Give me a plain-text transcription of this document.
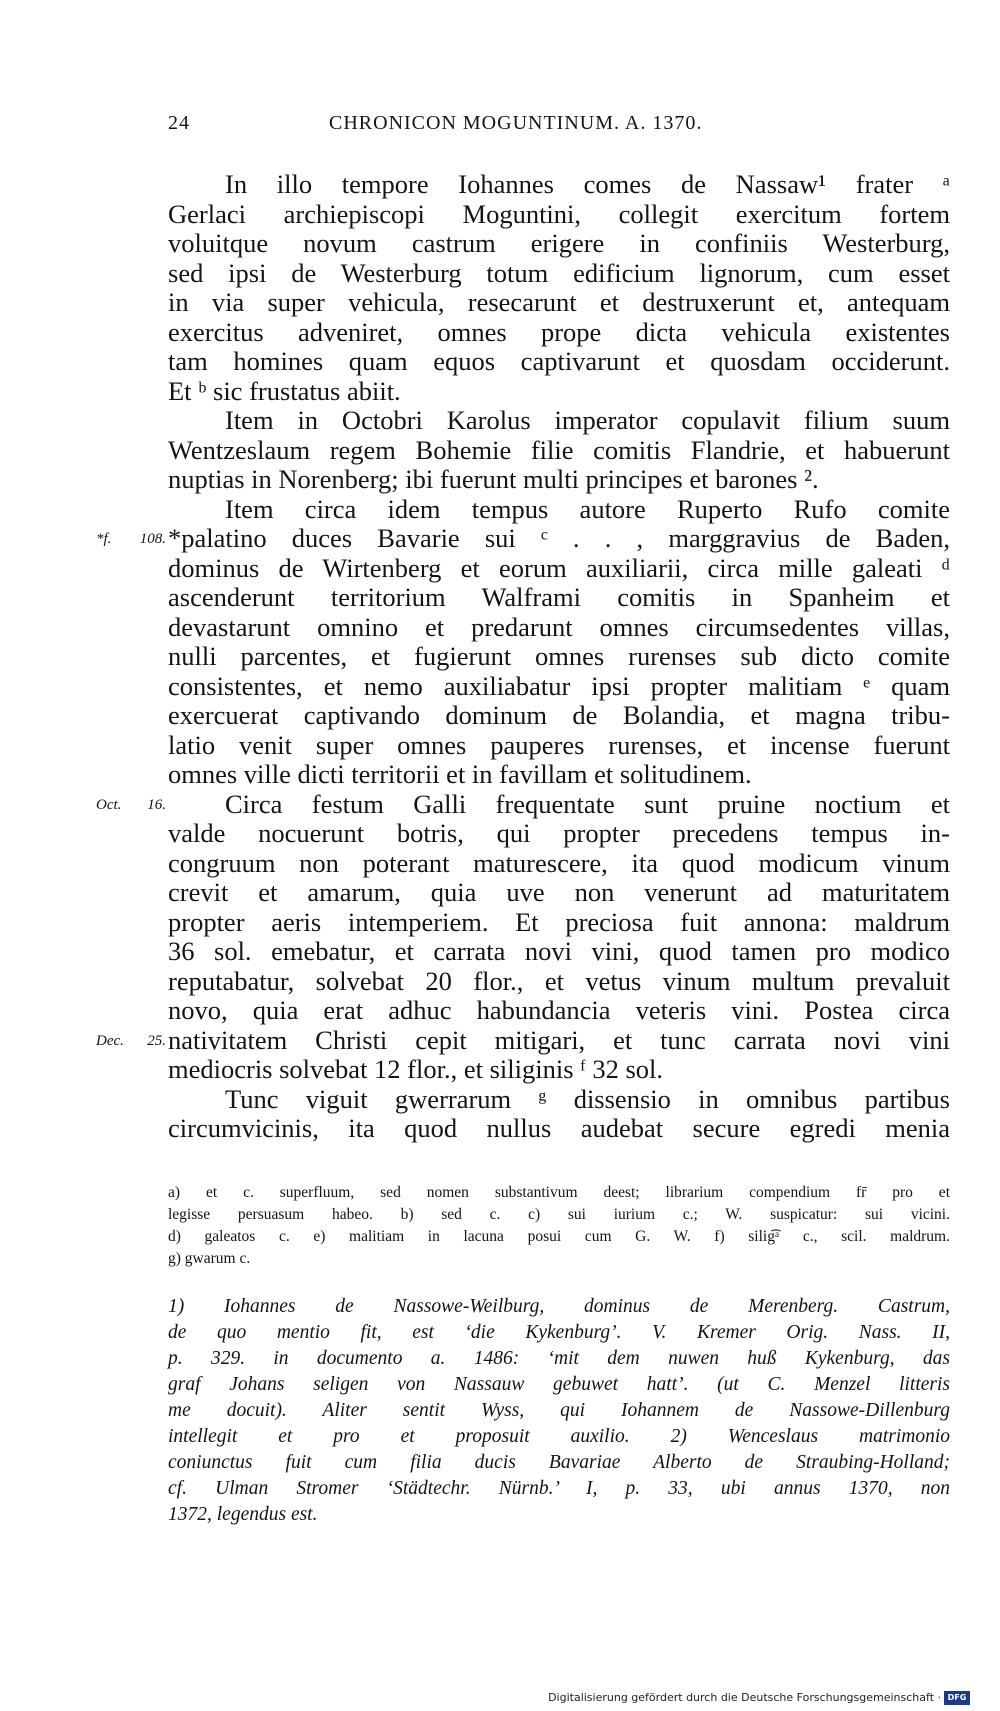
24	CHRONICON MOGUNTINUM. A. 1370.
In illo tempore Iohannes comes de Nassaw¹ frater ᵃ
Gerlaci archiepiscopi Moguntini, collegit exercitum fortem
voluitque novum castrum erigere in confiniis Westerburg,
sed ipsi de Westerburg totum edificium lignorum, cum esset
in via super vehicula, resecarunt et destruxerunt et, antequam
exercitus adveniret, omnes prope dicta vehicula existentes
tam homines quam equos captivarunt et quosdam occiderunt.
Et ᵇ sic frustatus abiit.
Item in Octobri Karolus imperator copulavit filium suum
Wentzeslaum regem Bohemie filie comitis Flandrie, et habuerunt
nuptias in Norenberg; ibi fuerunt multi principes et barones ².
Item circa idem tempus autore Ruperto Rufo comite
*f. 108. *palatino duces Bavarie sui ᶜ . . , marggravius de Baden,
dominus de Wirtenberg et eorum auxiliarii, circa mille galeati ᵈ
ascenderunt territorium Walframi comitis in Spanheim et
devastarunt omnino et predarunt omnes circumsedentes villas,
nulli parcentes, et fugierunt omnes rurenses sub dicto comite
consistentes, et nemo auxiliabatur ipsi propter malitiam ᵉ quam
exercuerat captivando dominum de Bolandia, et magna tribu-
latio venit super omnes pauperes rurenses, et incense fuerunt
omnes ville dicti territorii et in favillam et solitudinem.
Oct. 16. Circa festum Galli frequentate sunt pruine noctium et
valde nocuerunt botris, qui propter precedens tempus in-
congruum non poterant maturescere, ita quod modicum vinum
crevit et amarum, quia uve non venerunt ad maturitatem
propter aeris intemperiem. Et preciosa fuit annona: maldrum
36 sol. emebatur, et carrata novi vini, quod tamen pro modico
reputabatur, solvebat 20 flor., et vetus vinum multum prevaluit
novo, quia erat adhuc habundancia veteris vini. Postea circa
Dec. 25. nativitatem Christi cepit mitigari, et tunc carrata novi vini
mediocris solvebat 12 flor., et siliginis ᶠ 32 sol.
Tunc viguit gwerrarum ᵍ dissensio in omnibus partibus
circumvicinis, ita quod nullus audebat secure egredi menia
a) et c. superfluum, sed nomen substantivum deest; librarium compendium fr̄ pro et
legisse persuasum habeo. b) sed c. c) sui iurium c.; W. suspicatur: sui vicini.
d) galeatos c. e) malitiam in lacuna posui cum G. W. f) silig͡ᵃ c., scil. maldrum.
g) gwarum c.
1) Iohannes de Nassowe-Weilburg, dominus de Merenberg. Castrum,
de quo mentio fit, est ‘die Kykenburg’. V. Kremer Orig. Nass. II,
p. 329. in documento a. 1486: ‘mit dem nuwen huß Kykenburg, das
graf Johans seligen von Nassauw gebuwet hatt’. (ut C. Menzel litteris
me docuit). Aliter sentit Wyss, qui Iohannem de Nassowe-Dillenburg
intellegit et pro et proposuit auxilio. 2) Wenceslaus matrimonio
coniunctus fuit cum filia ducis Bavariae Alberto de Straubing-Holland;
cf. Ulman Stromer ‘Städtechr. Nürnb.’ I, p. 33, ubi annus 1370, non
1372, legendus est.
Digitalisierung gefördert durch die Deutsche Forschungsgemeinschaft · DFG
